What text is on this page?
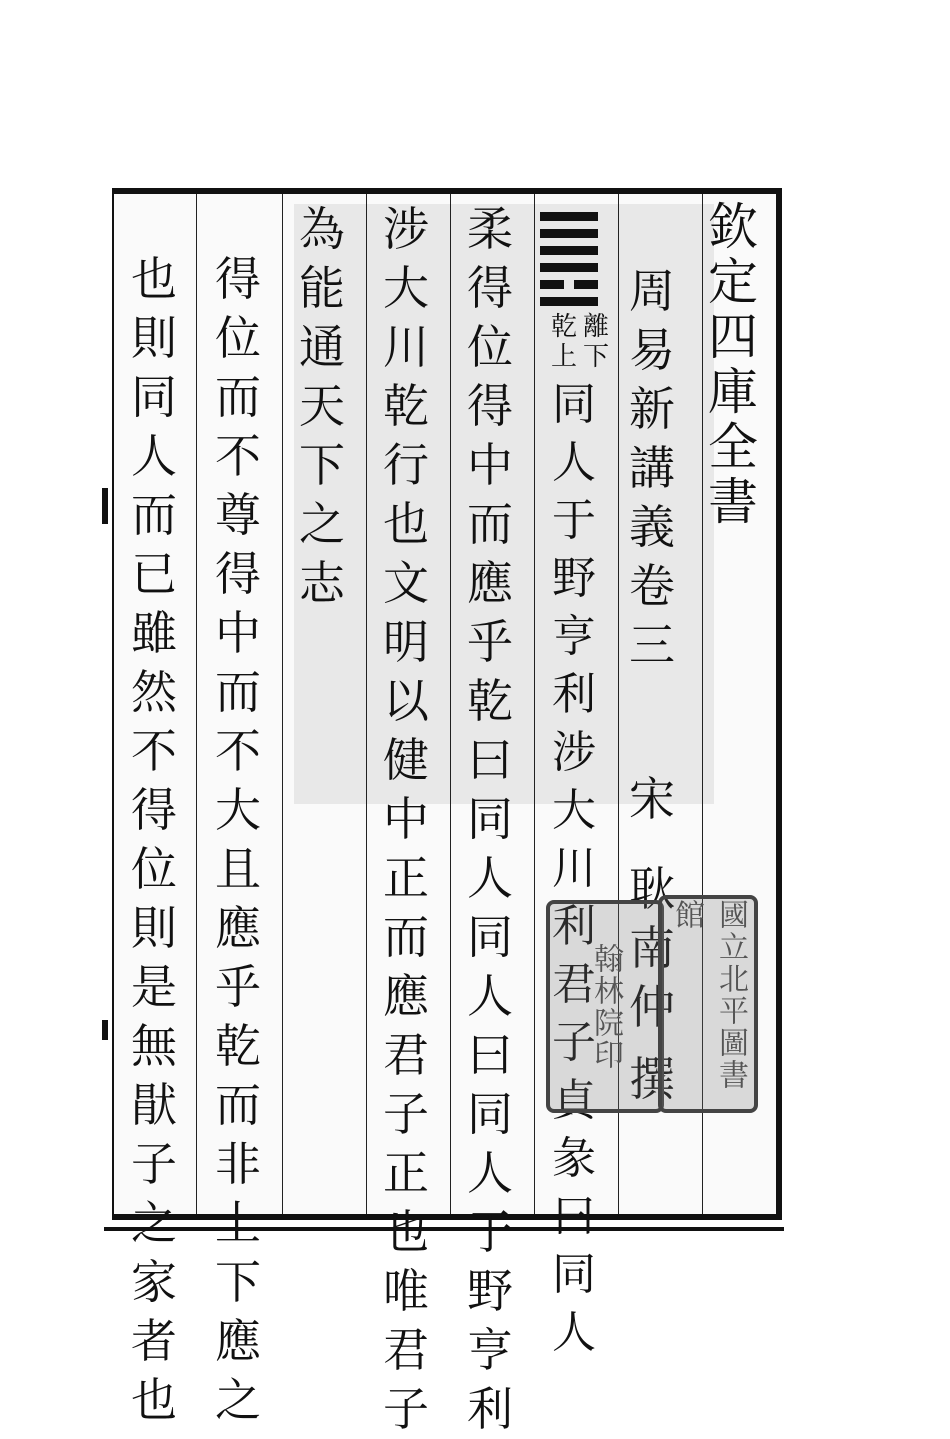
欽
定
四
庫
全
書
周
易
新
講
義
卷
三
宋
耿
南
仲
撰
離
下
乾
上
同
人
于
野
亨
利
涉
大
川
利
君
子
貞
彖
曰
同
人
柔
得
位
得
中
而
應
乎
乾
曰
同
人
同
人
曰
同
人
于
野
亨
利
涉
大
川
乾
行
也
文
明
以
健
中
正
而
應
君
子
正
也
唯
君
子
為
能
通
天
下
之
志
得
位
而
不
尊
得
中
而
不
大
且
應
乎
乾
而
非
上
下
應
之
也
則
同
人
而
已
雖
然
不
得
位
則
是
無
猒
子
之
家
者
也
翰林院印	國立北平圖書館
